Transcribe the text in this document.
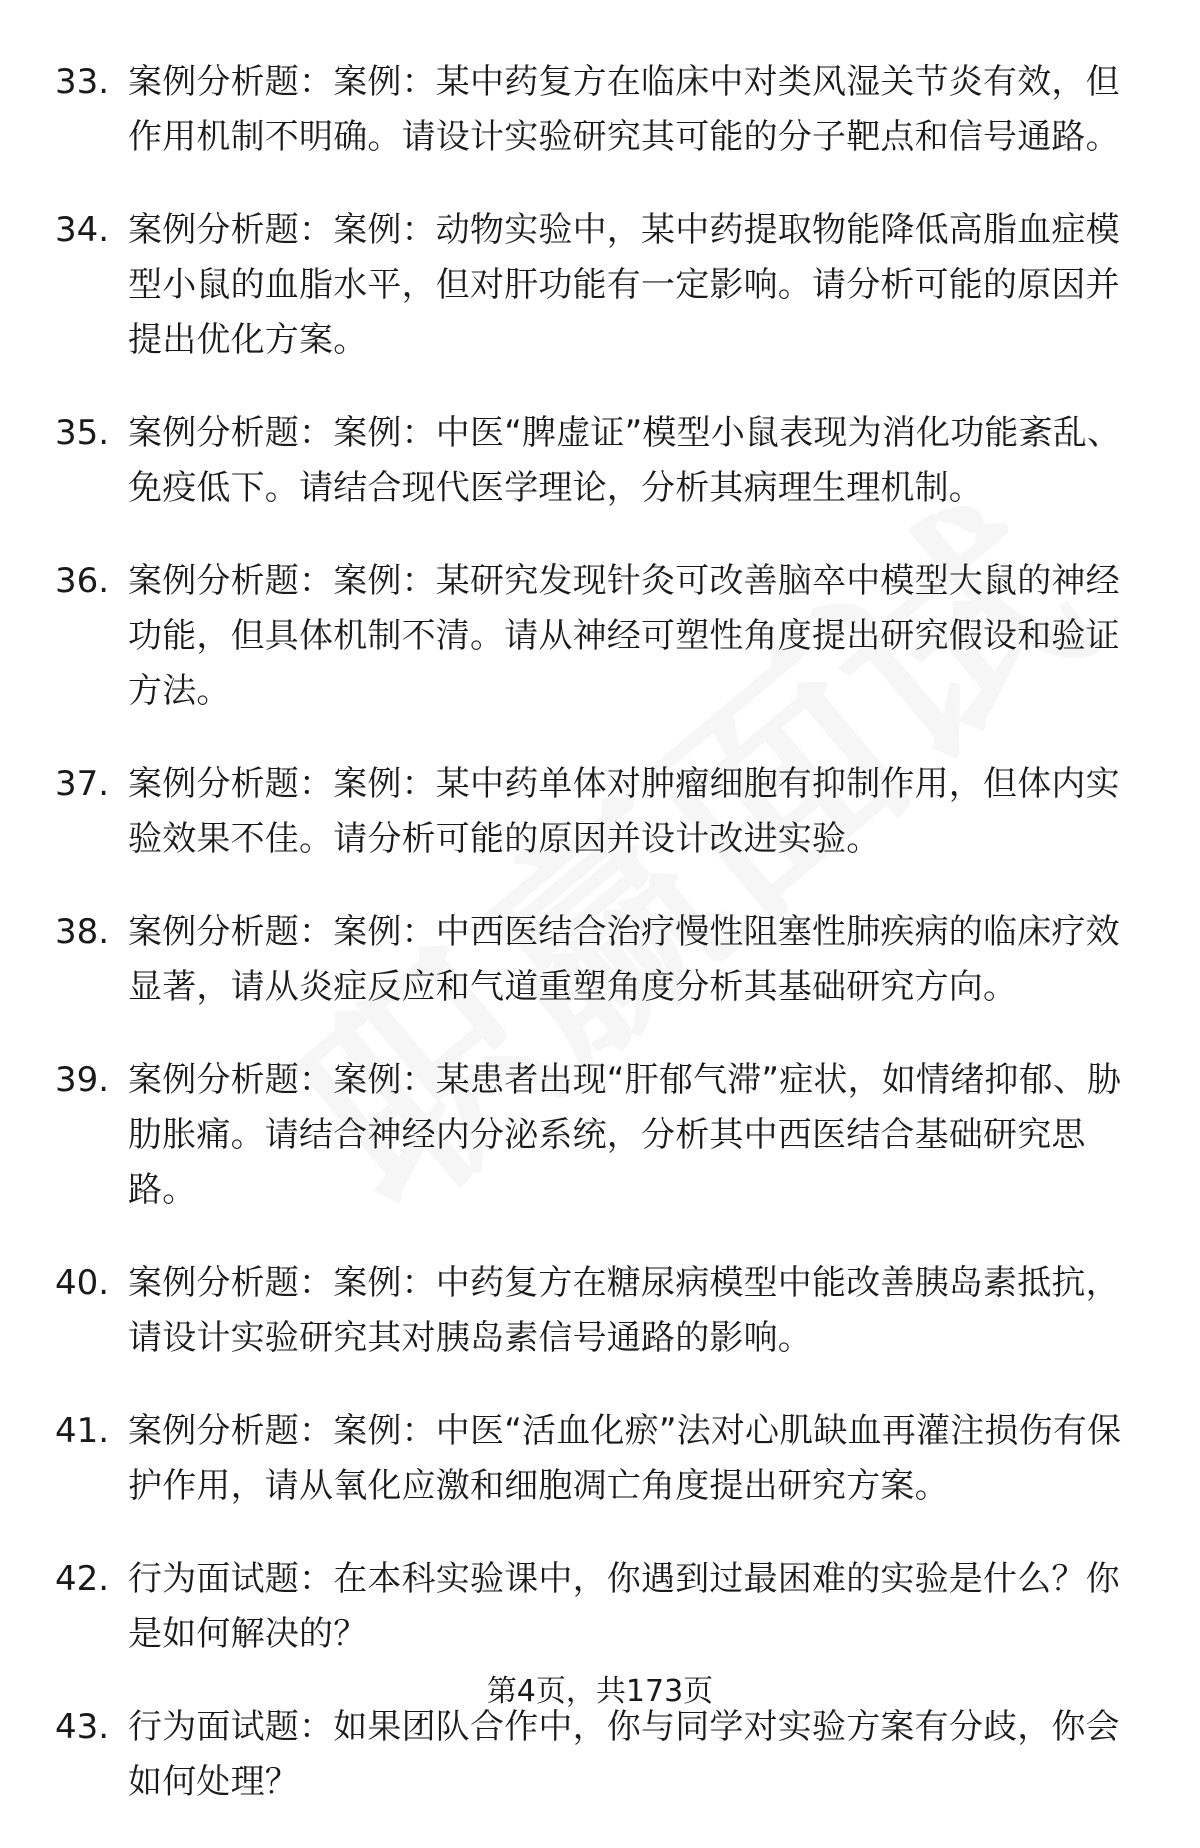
33. 案例分析题：案例：某中药复方在临床中对类风湿关节炎有效，但作用机制不明确。请设计实验研究其可能的分子靶点和信号通路。
34. 案例分析题：案例：动物实验中，某中药提取物能降低高脂血症模型小鼠的血脂水平，但对肝功能有一定影响。请分析可能的原因并提出优化方案。
35. 案例分析题：案例：中医“脾虚证”模型小鼠表现为消化功能紊乱、免疫低下。请结合现代医学理论，分析其病理生理机制。
36. 案例分析题：案例：某研究发现针灸可改善脑卒中模型大鼠的神经功能，但具体机制不清。请从神经可塑性角度提出研究假设和验证方法。
37. 案例分析题：案例：某中药单体对肿瘤细胞有抑制作用，但体内实验效果不佳。请分析可能的原因并设计改进实验。
38. 案例分析题：案例：中西医结合治疗慢性阻塞性肺疾病的临床疗效显著，请从炎症反应和气道重塑角度分析其基础研究方向。
39. 案例分析题：案例：某患者出现“肝郁气滞”症状，如情绪抑郁、胁肋胀痛。请结合神经内分泌系统，分析其中西医结合基础研究思路。
40. 案例分析题：案例：中药复方在糖尿病模型中能改善胰岛素抵抗，请设计实验研究其对胰岛素信号通路的影响。
41. 案例分析题：案例：中医“活血化瘀”法对心肌缺血再灌注损伤有保护作用，请从氧化应激和细胞凋亡角度提出研究方案。
42. 行为面试题：在本科实验课中，你遇到过最困难的实验是什么？你是如何解决的？
43. 行为面试题：如果团队合作中，你与同学对实验方案有分歧，你会如何处理？
第4页，共173页
